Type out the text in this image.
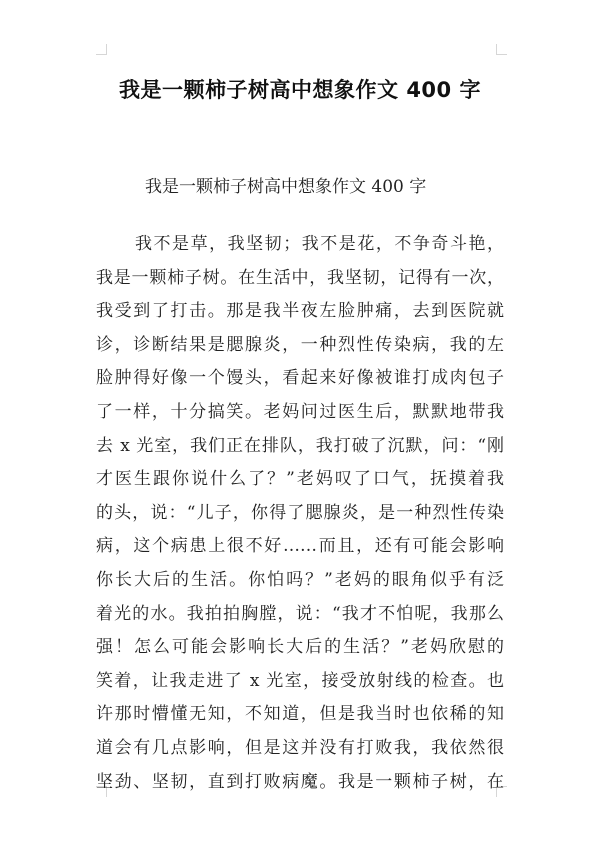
我是一颗柿子树高中想象作文 400 字

我是一颗柿子树高中想象作文 400 字

我不是草，我坚韧；我不是花，不争奇斗艳，
我是一颗柿子树。在生活中，我坚韧，记得有一次，
我受到了打击。那是我半夜左脸肿痛，去到医院就
诊，诊断结果是腮腺炎，一种烈性传染病，我的左
脸肿得好像一个馒头，看起来好像被谁打成肉包子
了一样，十分搞笑。老妈问过医生后，默默地带我
去 x 光室，我们正在排队，我打破了沉默，问：“刚
才医生跟你说什么了？”老妈叹了口气，抚摸着我
的头，说：“儿子，你得了腮腺炎，是一种烈性传染
病，这个病患上很不好……而且，还有可能会影响
你长大后的生活。你怕吗？”老妈的眼角似乎有泛
着光的水。我拍拍胸膛，说：“我才不怕呢，我那么
强！怎么可能会影响长大后的生活？”老妈欣慰的
笑着，让我走进了 x 光室，接受放射线的检查。也
许那时懵懂无知，不知道，但是我当时也依稀的知
道会有几点影响，但是这并没有打败我，我依然很
坚劲、坚韧，直到打败病魔。我是一颗柿子树，在
